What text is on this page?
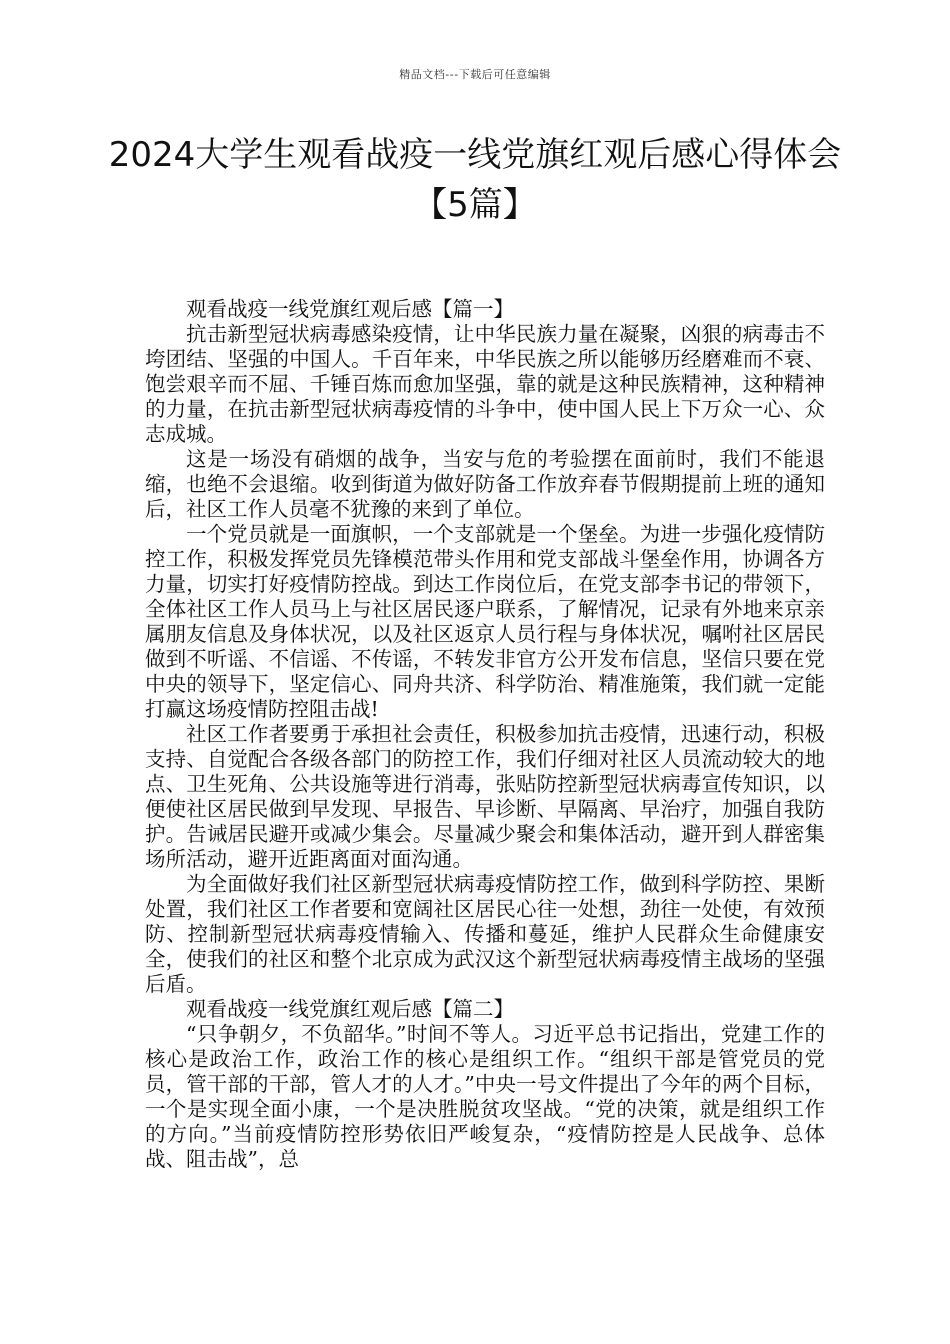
精品文档---下载后可任意编辑
2024大学生观看战疫一线党旗红观后感心得体会【5篇】

观看战疫一线党旗红观后感【篇一】

抗击新型冠状病毒感染疫情，让中华民族力量在凝聚，凶狠的病毒击不垮团结、坚强的中国人。千百年来，中华民族之所以能够历经磨难而不衰、饱尝艰辛而不屈、千锤百炼而愈加坚强，靠的就是这种民族精神，这种精神的力量，在抗击新型冠状病毒疫情的斗争中，使中国人民上下万众一心、众志成城。

这是一场没有硝烟的战争，当安与危的考验摆在面前时，我们不能退缩，也绝不会退缩。收到街道为做好防备工作放弃春节假期提前上班的通知后，社区工作人员毫不犹豫的来到了单位。

一个党员就是一面旗帜，一个支部就是一个堡垒。为进一步强化疫情防控工作，积极发挥党员先锋模范带头作用和党支部战斗堡垒作用，协调各方力量，切实打好疫情防控战。到达工作岗位后，在党支部李书记的带领下，全体社区工作人员马上与社区居民逐户联系，了解情况，记录有外地来京亲属朋友信息及身体状况，以及社区返京人员行程与身体状况，嘱咐社区居民做到不听谣、不信谣、不传谣，不转发非官方公开发布信息，坚信只要在党中央的领导下，坚定信心、同舟共济、科学防治、精准施策，我们就一定能打赢这场疫情防控阻击战!

社区工作者要勇于承担社会责任，积极参加抗击疫情，迅速行动，积极支持、自觉配合各级各部门的防控工作，我们仔细对社区人员流动较大的地点、卫生死角、公共设施等进行消毒，张贴防控新型冠状病毒宣传知识，以便使社区居民做到早发现、早报告、早诊断、早隔离、早治疗，加强自我防护。告诫居民避开或减少集会。尽量减少聚会和集体活动，避开到人群密集场所活动，避开近距离面对面沟通。

为全面做好我们社区新型冠状病毒疫情防控工作，做到科学防控、果断处置，我们社区工作者要和宽阔社区居民心往一处想，劲往一处使，有效预防、控制新型冠状病毒疫情输入、传播和蔓延，维护人民群众生命健康安全，使我们的社区和整个北京成为武汉这个新型冠状病毒疫情主战场的坚强后盾。

观看战疫一线党旗红观后感【篇二】

“只争朝夕，不负韶华。”时间不等人。习近平总书记指出，党建工作的核心是政治工作，政治工作的核心是组织工作。“组织干部是管党员的党员，管干部的干部，管人才的人才。”中央一号文件提出了今年的两个目标，一个是实现全面小康，一个是决胜脱贫攻坚战。“党的决策，就是组织工作的方向。”当前疫情防控形势依旧严峻复杂，“疫情防控是人民战争、总体战、阻击战”，总
